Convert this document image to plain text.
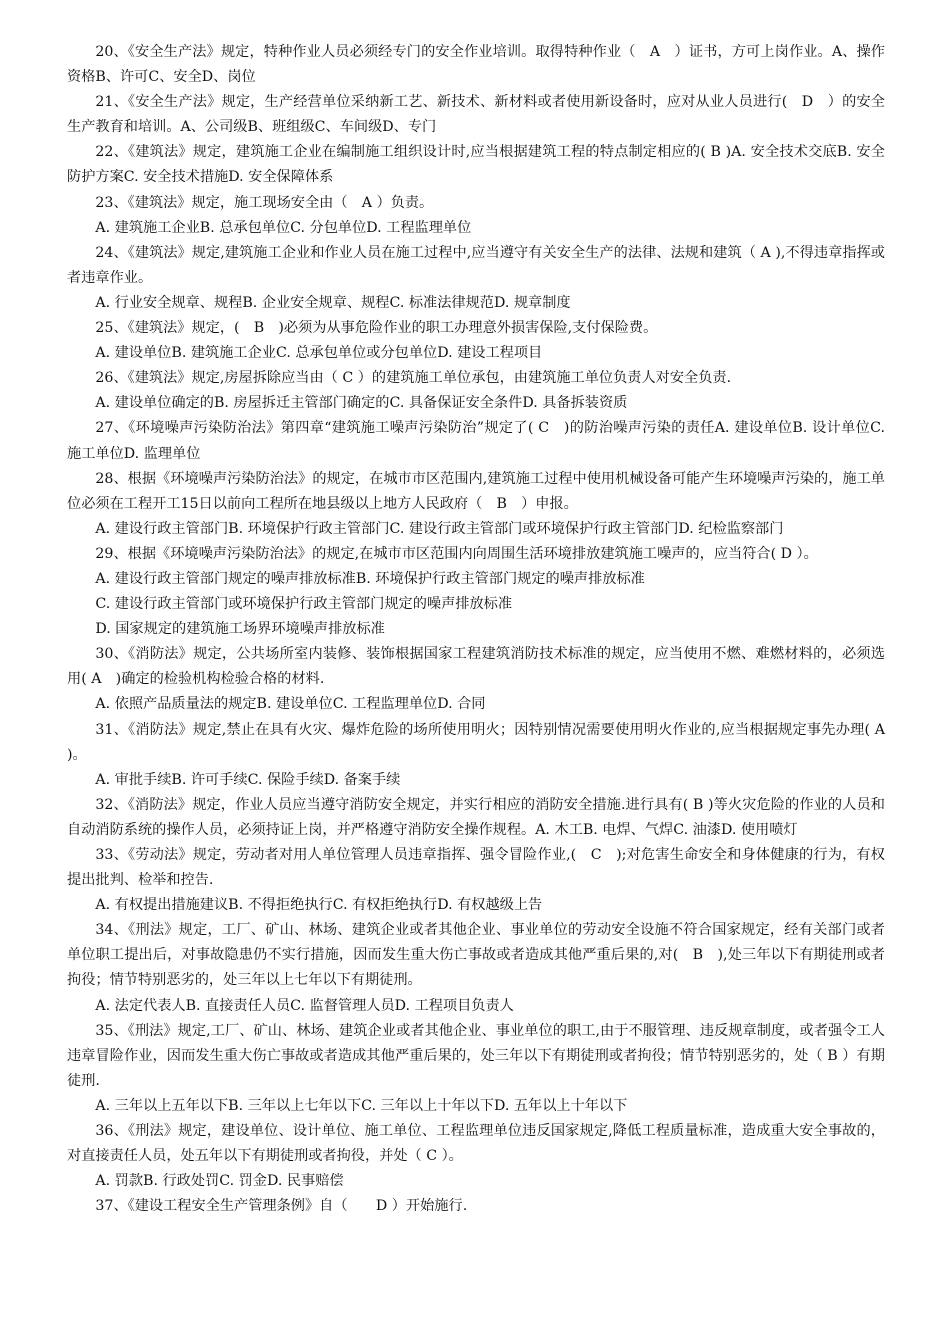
20、《安全生产法》规定，特种作业人员必须经专门的安全作业培训。取得特种作业（　A　）证书，方可上岗作业。A、操作资格B、许可C、安全D、岗位

21、《安全生产法》规定，生产经营单位采纳新工艺、新技术、新材料或者使用新设备时，应对从业人员进行(　D　）的安全生产教育和培训。A、公司级B、班组级C、车间级D、专门

22、《建筑法》规定，建筑施工企业在编制施工组织设计时,应当根据建筑工程的特点制定相应的( B )A. 安全技术交底B. 安全防护方案C. 安全技术措施D. 安全保障体系

23、《建筑法》规定，施工现场安全由（　A ）负责。

A. 建筑施工企业B. 总承包单位C. 分包单位D. 工程监理单位

24、《建筑法》规定,建筑施工企业和作业人员在施工过程中,应当遵守有关安全生产的法律、法规和建筑（ A ),不得违章指挥或者违章作业。

A. 行业安全规章、规程B. 企业安全规章、规程C. 标准法律规范D. 规章制度

25、《建筑法》规定，(　B　)必须为从事危险作业的职工办理意外损害保险,支付保险费。

A. 建设单位B. 建筑施工企业C. 总承包单位或分包单位D. 建设工程项目

26、《建筑法》规定,房屋拆除应当由（ C ）的建筑施工单位承包，由建筑施工单位负责人对安全负责.

A. 建设单位确定的B. 房屋拆迁主管部门确定的C. 具备保证安全条件D. 具备拆装资质

27、《环境噪声污染防治法》第四章“建筑施工噪声污染防治”规定了( C　)的防治噪声污染的责任A. 建设单位B. 设计单位C. 施工单位D. 监理单位

28、根据《环境噪声污染防治法》的规定，在城市市区范围内,建筑施工过程中使用机械设备可能产生环境噪声污染的，施工单位必须在工程开工15日以前向工程所在地县级以上地方人民政府（　B　）申报。

A. 建设行政主管部门B. 环境保护行政主管部门C. 建设行政主管部门或环境保护行政主管部门D. 纪检监察部门

29、根据《环境噪声污染防治法》的规定,在城市市区范围内向周围生活环境排放建筑施工噪声的，应当符合( D ）。

A. 建设行政主管部门规定的噪声排放标准B. 环境保护行政主管部门规定的噪声排放标准

C. 建设行政主管部门或环境保护行政主管部门规定的噪声排放标准

D. 国家规定的建筑施工场界环境噪声排放标准

30、《消防法》规定，公共场所室内装修、装饰根据国家工程建筑消防技术标准的规定，应当使用不燃、难燃材料的，必须选用( A　)确定的检验机构检验合格的材料.

A. 依照产品质量法的规定B. 建设单位C. 工程监理单位D. 合同

31、《消防法》规定,禁止在具有火灾、爆炸危险的场所使用明火；因特别情况需要使用明火作业的,应当根据规定事先办理( A　　)。

A. 审批手续B. 许可手续C. 保险手续D. 备案手续

32、《消防法》规定，作业人员应当遵守消防安全规定，并实行相应的消防安全措施.进行具有( B )等火灾危险的作业的人员和自动消防系统的操作人员，必须持证上岗，并严格遵守消防安全操作规程。A. 木工B. 电焊、气焊C. 油漆D. 使用喷灯

33、《劳动法》规定，劳动者对用人单位管理人员违章指挥、强令冒险作业,(　C　);对危害生命安全和身体健康的行为，有权提出批判、检举和控告.

A. 有权提出措施建议B. 不得拒绝执行C. 有权拒绝执行D. 有权越级上告

34、《刑法》规定，工厂、矿山、林场、建筑企业或者其他企业、事业单位的劳动安全设施不符合国家规定，经有关部门或者单位职工提出后，对事故隐患仍不实行措施，因而发生重大伤亡事故或者造成其他严重后果的,对(　B　),处三年以下有期徒刑或者拘役；情节特别恶劣的，处三年以上七年以下有期徒刑。

A. 法定代表人B. 直接责任人员C. 监督管理人员D. 工程项目负责人

35、《刑法》规定,工厂、矿山、林场、建筑企业或者其他企业、事业单位的职工,由于不服管理、违反规章制度，或者强令工人违章冒险作业，因而发生重大伤亡事故或者造成其他严重后果的，处三年以下有期徒刑或者拘役；情节特别恶劣的，处（ B ）有期徒刑.

A. 三年以上五年以下B. 三年以上七年以下C. 三年以上十年以下D. 五年以上十年以下

36、《刑法》规定，建设单位、设计单位、施工单位、工程监理单位违反国家规定,降低工程质量标准，造成重大安全事故的，对直接责任人员，处五年以下有期徒刑或者拘役，并处（ C ）。

A. 罚款B. 行政处罚C. 罚金D. 民事赔偿

37、《建设工程安全生产管理条例》自（　　D ）开始施行.
